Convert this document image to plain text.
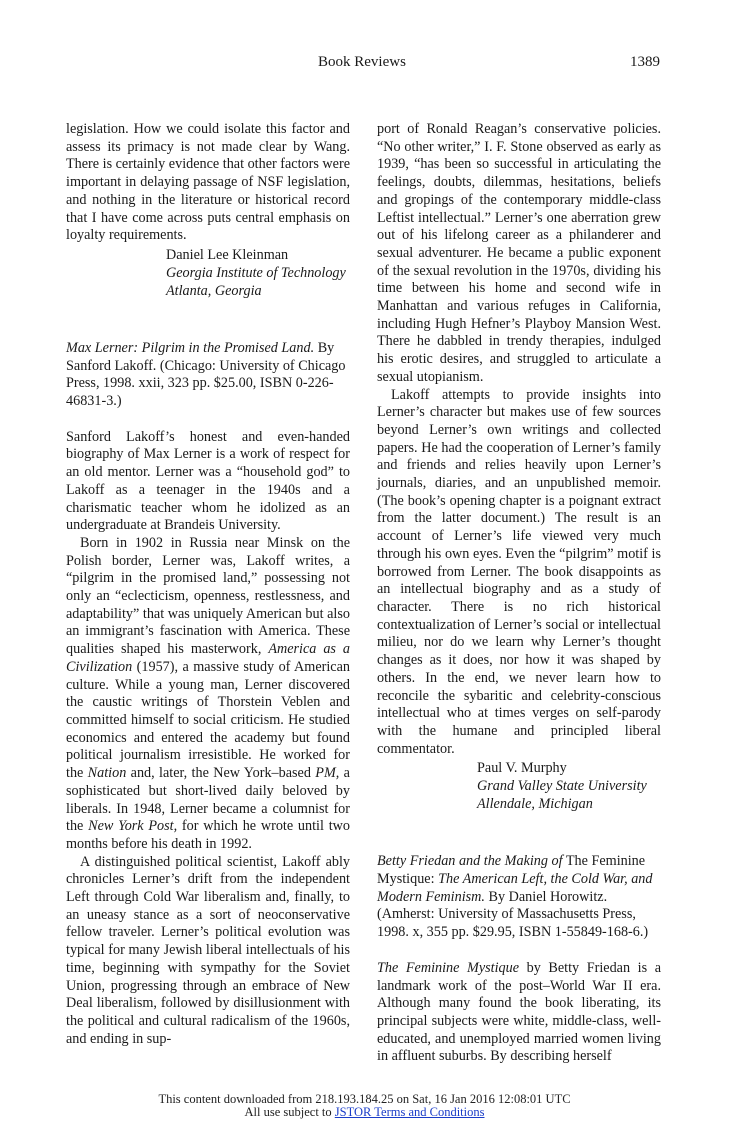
Book Reviews	1389

legislation. How we could isolate this factor and assess its primacy is not made clear by Wang. There is certainly evidence that other factors were important in delaying passage of NSF legislation, and nothing in the literature or historical record that I have come across puts central emphasis on loyalty requirements.

Daniel Lee Kleinman
Georgia Institute of Technology
Atlanta, Georgia

Max Lerner: Pilgrim in the Promised Land. By Sanford Lakoff. (Chicago: University of Chicago Press, 1998. xxii, 323 pp. $25.00, ISBN 0-226-46831-3.)

Sanford Lakoff’s honest and even-handed biography of Max Lerner is a work of respect for an old mentor. Lerner was a “household god” to Lakoff as a teenager in the 1940s and a charismatic teacher whom he idolized as an undergraduate at Brandeis University.

Born in 1902 in Russia near Minsk on the Polish border, Lerner was, Lakoff writes, a “pilgrim in the promised land,” possessing not only an “eclecticism, openness, restlessness, and adaptability” that was uniquely American but also an immigrant’s fascination with America. These qualities shaped his masterwork, America as a Civilization (1957), a massive study of American culture. While a young man, Lerner discovered the caustic writings of Thorstein Veblen and committed himself to social criticism. He studied economics and entered the academy but found political journalism irresistible. He worked for the Nation and, later, the New York–based PM, a sophisticated but short-lived daily beloved by liberals. In 1948, Lerner became a columnist for the New York Post, for which he wrote until two months before his death in 1992.

A distinguished political scientist, Lakoff ably chronicles Lerner’s drift from the independent Left through Cold War liberalism and, finally, to an uneasy stance as a sort of neoconservative fellow traveler. Lerner’s political evolution was typical for many Jewish liberal intellectuals of his time, beginning with sympathy for the Soviet Union, progressing through an embrace of New Deal liberalism, followed by disillusionment with the political and cultural radicalism of the 1960s, and ending in sup-

port of Ronald Reagan’s conservative policies. “No other writer,” I. F. Stone observed as early as 1939, “has been so successful in articulating the feelings, doubts, dilemmas, hesitations, beliefs and gropings of the contemporary middle-class Leftist intellectual.” Lerner’s one aberration grew out of his lifelong career as a philanderer and sexual adventurer. He became a public exponent of the sexual revolution in the 1970s, dividing his time between his home and second wife in Manhattan and various refuges in California, including Hugh Hefner’s Playboy Mansion West. There he dabbled in trendy therapies, indulged his erotic desires, and struggled to articulate a sexual utopianism.

Lakoff attempts to provide insights into Lerner’s character but makes use of few sources beyond Lerner’s own writings and collected papers. He had the cooperation of Lerner’s family and friends and relies heavily upon Lerner’s journals, diaries, and an unpublished memoir. (The book’s opening chapter is a poignant extract from the latter document.) The result is an account of Lerner’s life viewed very much through his own eyes. Even the “pilgrim” motif is borrowed from Lerner. The book disappoints as an intellectual biography and as a study of character. There is no rich historical contextualization of Lerner’s social or intellectual milieu, nor do we learn why Lerner’s thought changes as it does, nor how it was shaped by others. In the end, we never learn how to reconcile the sybaritic and celebrity-conscious intellectual who at times verges on self-parody with the humane and principled liberal commentator.

Paul V. Murphy
Grand Valley State University
Allendale, Michigan

Betty Friedan and the Making of The Feminine Mystique: The American Left, the Cold War, and Modern Feminism. By Daniel Horowitz. (Amherst: University of Massachusetts Press, 1998. x, 355 pp. $29.95, ISBN 1-55849-168-6.)

The Feminine Mystique by Betty Friedan is a landmark work of the post–World War II era. Although many found the book liberating, its principal subjects were white, middle-class, well-educated, and unemployed married women living in affluent suburbs. By describing herself

This content downloaded from 218.193.184.25 on Sat, 16 Jan 2016 12:08:01 UTC
All use subject to JSTOR Terms and Conditions
